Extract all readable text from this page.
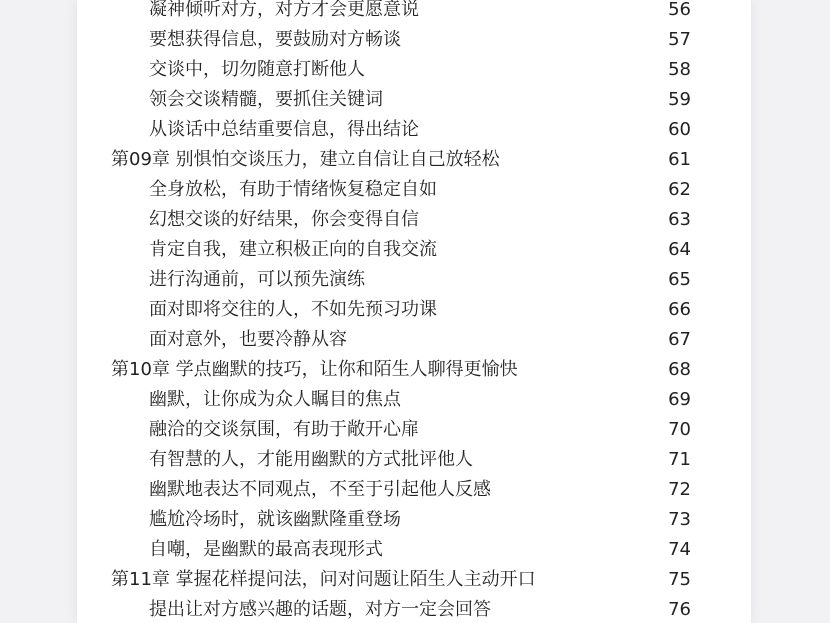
凝神倾听对方，对方才会更愿意说	56
要想获得信息，要鼓励对方畅谈	57
交谈中，切勿随意打断他人	58
领会交谈精髓，要抓住关键词	59
从谈话中总结重要信息，得出结论	60
第09章 别惧怕交谈压力，建立自信让自己放轻松	61
全身放松，有助于情绪恢复稳定自如	62
幻想交谈的好结果，你会变得自信	63
肯定自我，建立积极正向的自我交流	64
进行沟通前，可以预先演练	65
面对即将交往的人，不如先预习功课	66
面对意外，也要冷静从容	67
第10章 学点幽默的技巧，让你和陌生人聊得更愉快	68
幽默，让你成为众人瞩目的焦点	69
融洽的交谈氛围，有助于敞开心扉	70
有智慧的人，才能用幽默的方式批评他人	71
幽默地表达不同观点，不至于引起他人反感	72
尴尬冷场时，就该幽默隆重登场	73
自嘲，是幽默的最高表现形式	74
第11章 掌握花样提问法，问对问题让陌生人主动开口	75
提出让对方感兴趣的话题，对方一定会回答	76
